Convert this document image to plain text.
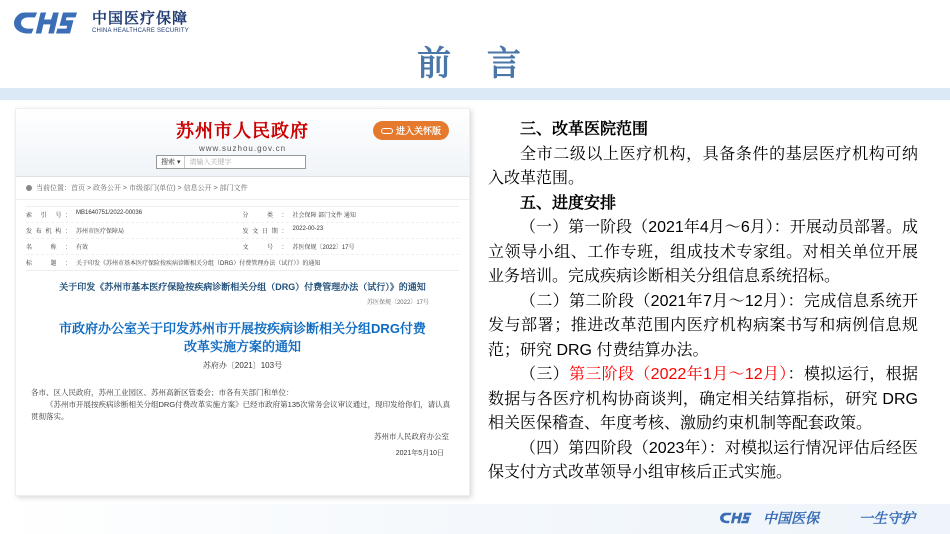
中国医疗保障
CHINA HEALTHCARE SECURITY
前 言
苏州市人民政府
www.suzhou.gov.cn
搜索 ▾	请输入关键字
进入关怀版
当前位置：首页 > 政务公开 > 市级部门(单位) > 信息公开 > 部门文件
索 引 号： MB1640751/2022-00036	分 类： 社会保障 部门文件 通知
发布机构： 苏州市医疗保障局	发文日期： 2022-00-23
名 称： 有效	文 号： 苏医保规〔2022〕17号
标 题： 关于印发《苏州市基本医疗保险按疾病诊断相关分组（DRG）付费管理办法（试行）》的通知
关于印发《苏州市基本医疗保险按疾病诊断相关分组（DRG）付费管理办法（试行）》的通知
苏医保规〔2022〕17号
市政府办公室关于印发苏州市开展按疾病诊断相关分组DRG付费改革实施方案的通知
苏府办〔2021〕103号

各市、区人民政府，苏州工业园区、苏州高新区管委会；市各有关部门和单位：

《苏州市开展按疾病诊断相关分组DRG付费改革实施方案》已经市政府第135次常务会议审议通过，现印发给你们，请认真贯彻落实。

苏州市人民政府办公室
2021年5月10日

三、改革医院范围

全市二级以上医疗机构，具备条件的基层医疗机构可纳入改革范围。

五、进度安排

（一）第一阶段（2021年4月～6月）：开展动员部署。成立领导小组、工作专班，组成技术专家组。对相关单位开展业务培训。完成疾病诊断相关分组信息系统招标。

（二）第二阶段（2021年7月～12月）：完成信息系统开发与部署；推进改革范围内医疗机构病案书写和病例信息规范；研究 DRG 付费结算办法。

（三）第三阶段（2022年1月～12月）：模拟运行，根据数据与各医疗机构协商谈判，确定相关结算指标，研究 DRG 相关医保稽查、年度考核、激励约束机制等配套政策。

（四）第四阶段（2023年）：对模拟运行情况评估后经医保支付方式改革领导小组审核后正式实施。

中国医保	一生守护
